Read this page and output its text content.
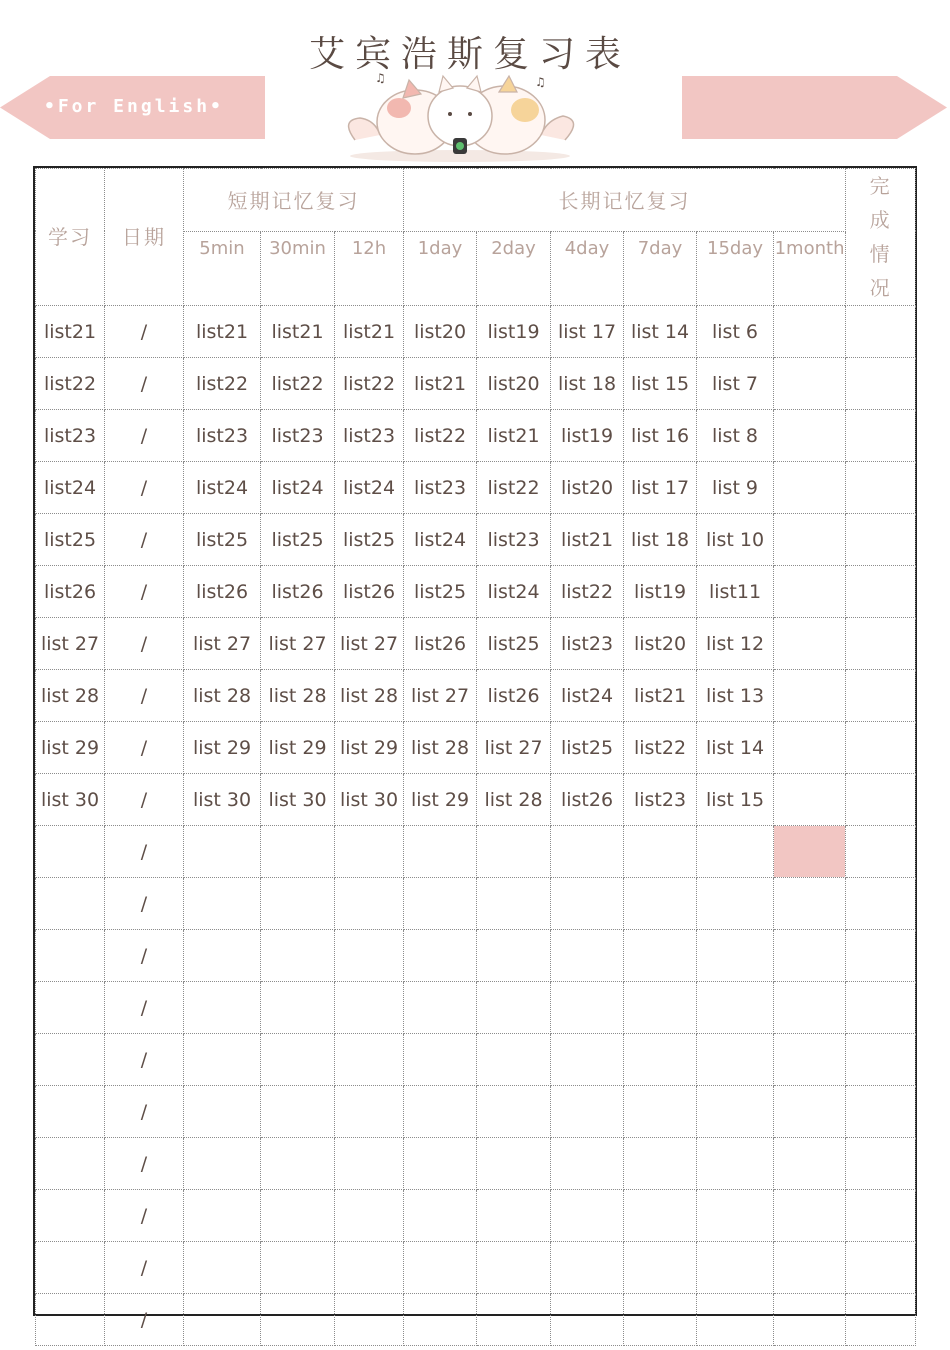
艾宾浩斯复习表
•For English•
♫	♫
学习	日期	短期记忆复习			长期记忆复习						完成情况
		5min	30min	12h	1day	2day	4day	7day	15day	1month	
list21	/	list21	list21	list21	list20	list19	list 17	list 14	list 6		
list22	/	list22	list22	list22	list21	list20	list 18	list 15	list 7		
list23	/	list23	list23	list23	list22	list21	list19	list 16	list 8		
list24	/	list24	list24	list24	list23	list22	list20	list 17	list 9		
list25	/	list25	list25	list25	list24	list23	list21	list 18	list 10		
list26	/	list26	list26	list26	list25	list24	list22	list19	list11		
list 27	/	list 27	list 27	list 27	list26	list25	list23	list20	list 12		
list 28	/	list 28	list 28	list 28	list 27	list26	list24	list21	list 13		
list 29	/	list 29	list 29	list 29	list 28	list 27	list25	list22	list 14		
list 30	/	list 30	list 30	list 30	list 29	list 28	list26	list23	list 15		
	/										
	/										
	/										
	/										
	/										
	/										
	/										
	/										
	/										
	/										
